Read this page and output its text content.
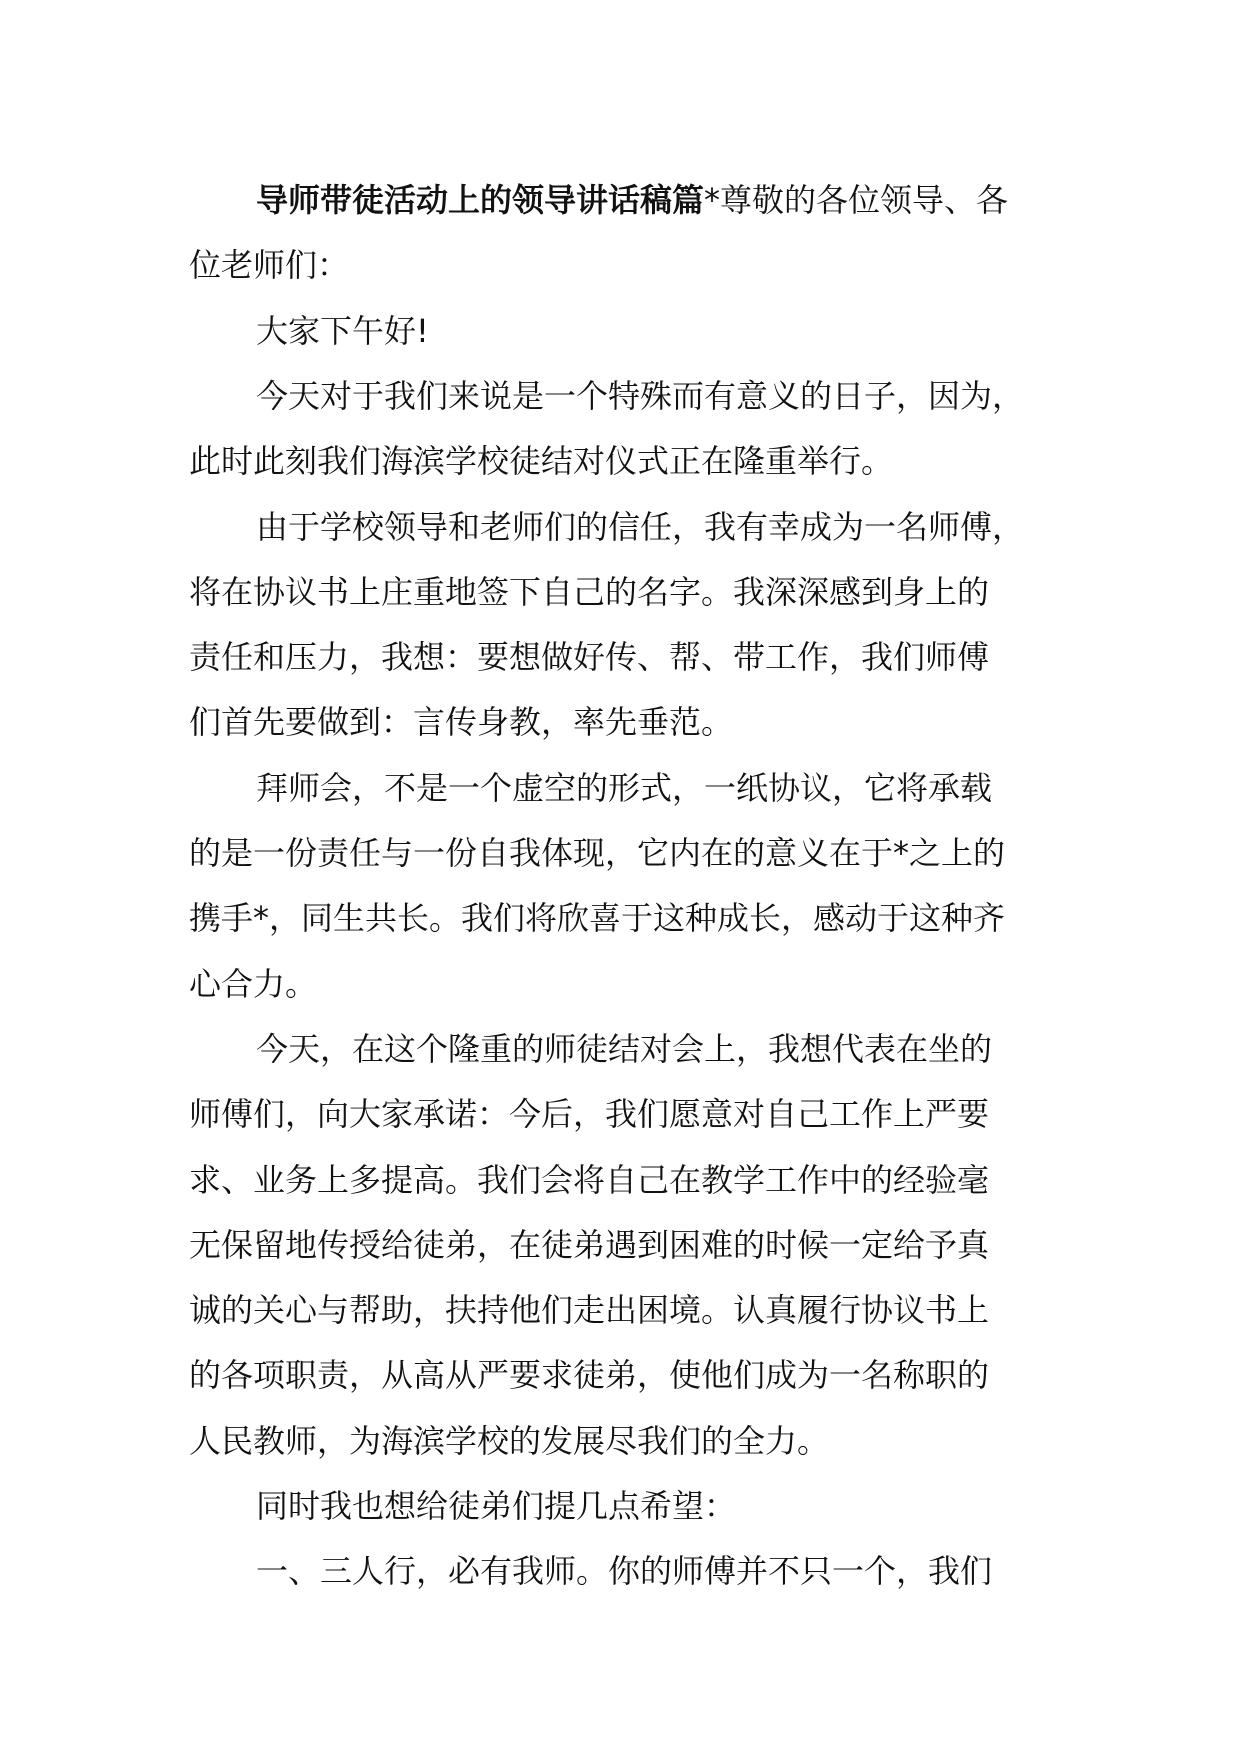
导师带徒活动上的领导讲话稿篇*尊敬的各位领导、各
位老师们：
大家下午好!
今天对于我们来说是一个特殊而有意义的日子，因为，
此时此刻我们海滨学校徒结对仪式正在隆重举行。
由于学校领导和老师们的信任，我有幸成为一名师傅，
将在协议书上庄重地签下自己的名字。我深深感到身上的
责任和压力，我想：要想做好传、帮、带工作，我们师傅
们首先要做到：言传身教，率先垂范。
拜师会，不是一个虚空的形式，一纸协议，它将承载
的是一份责任与一份自我体现，它内在的意义在于*之上的
携手*，同生共长。我们将欣喜于这种成长，感动于这种齐
心合力。
今天，在这个隆重的师徒结对会上，我想代表在坐的
师傅们，向大家承诺：今后，我们愿意对自己工作上严要
求、业务上多提高。我们会将自己在教学工作中的经验毫
无保留地传授给徒弟，在徒弟遇到困难的时候一定给予真
诚的关心与帮助，扶持他们走出困境。认真履行协议书上
的各项职责，从高从严要求徒弟，使他们成为一名称职的
人民教师，为海滨学校的发展尽我们的全力。
同时我也想给徒弟们提几点希望：
一、三人行，必有我师。你的师傅并不只一个，我们
